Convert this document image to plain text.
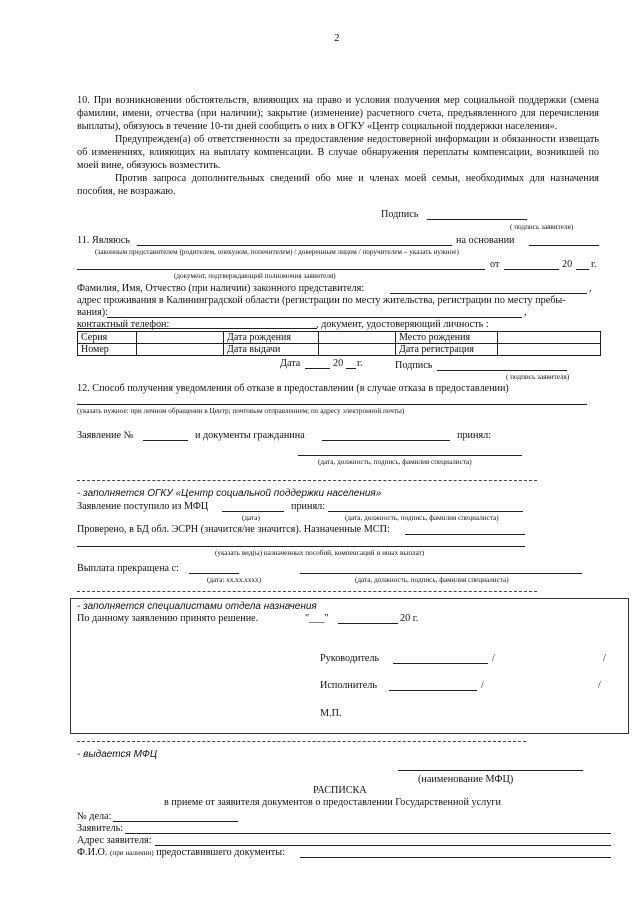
2

10. При возникновении обстоятельств, влияющих на право и условия получения мер социальной поддержки (смена фамилии, имени, отчества (при наличии); закрытие (изменение) расчетного счета, предъявленного для перечисления выплаты), обязуюсь в течение 10-ти дней сообщить о них в ОГКУ «Центр социальной поддержки населения».

Предупрежден(а) об ответственности за предоставление недостоверной информации и обязанности извещать об изменениях, влияющих на выплату компенсации. В случае обнаружения переплаты компенсации, возникшей по моей вине, обязуюсь возместить.

Против запроса дополнительных сведений обо мне и членах моей семьи, необходимых для назначения пособия, не возражаю.

Подпись
( подпись заявителя)
11. Являюсь	на основании
(законным представителем (родителем, опекуном, попечителем) / доверенным лицом / поручителем – указать нужное)
от	20 г.
(документ, подтверждающий полномочия заявителя)
Фамилия, Имя, Отчество (при наличии) законного представителя:	,
адрес проживания в Калининградской области (регистрации по месту жительства, регистрации по месту пребы-
вания):	,
контактный телефон:	, документ, удостоверяющий личность :
Серия		Дата рождения		Место рождения	
Номер		Дата выдачи		Дата регистрация	
Дата	20 г.	Подпись
( подпись заявителя)
12. Способ получения уведомления об отказе в предоставлении (в случае отказа в предоставлении)
(указать нужное: при личном обращении в Центр; почтовым отправлением; по адресу электронной почты)
Заявление №	и документы гражданина	принял:
(дата, должность, подпись, фамилия специалиста)
- заполняется ОГКУ «Центр социальной поддержки населения»
Заявление поступило из МФЦ	принял:
(дата)	(дата, должность, подпись, фамилия специалиста)
Проверено, в БД обл. ЭСРН (значится/не значится). Назначенные МСП:
(указать вид(ы) назначенных пособий, компенсаций и иных выплат)
Выплата прекращена с:
(дата: хх.хх.хххх)	(дата, должность, подпись, фамилия специалиста)
- заполняется специалистами отдела назначения
По данному заявлению принято решение.	"___"	20 г.
Руководитель	/	/
Исполнитель	/	/
М.П.
- выдается МФЦ
(наименование МФЦ)
РАСПИСКА
в приеме от заявителя документов о предоставлении Государственной услуги
№ дела:
Заявитель:
Адрес заявителя:
Ф.И.О. (при наличии) предоставившего документы:
